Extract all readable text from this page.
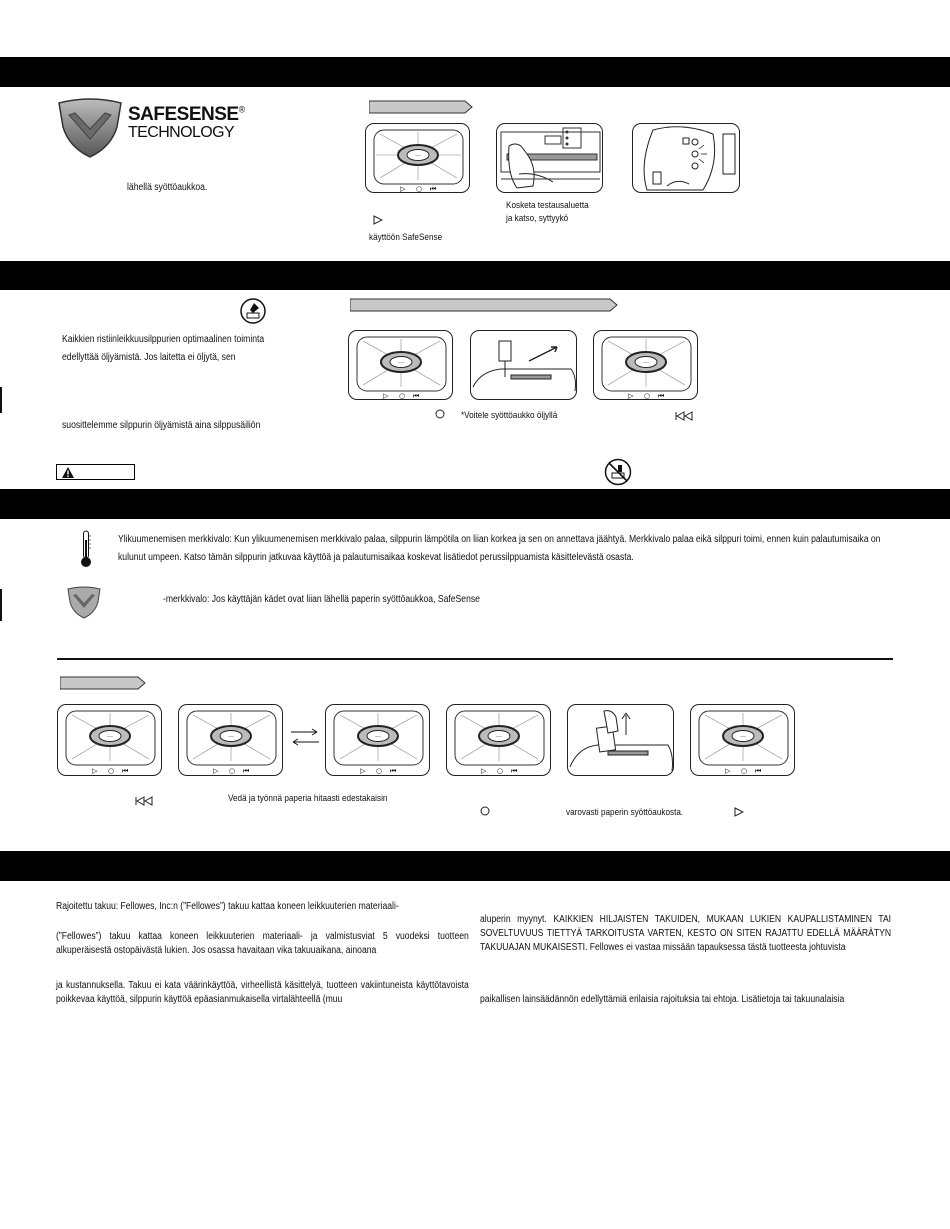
SAFESENSE®
TECHNOLOGY
lähellä syöttöaukkoa.
···
▷ ○ ⏮
Kosketa testausaluetta
ja katso, syttyykö
käyttöön SafeSense
Kaikkien ristiinleikkuusilppurien optimaalinen toiminta
edellyttää öljyämistä. Jos laitetta ei öljytä, sen
suosittelemme silppurin öljyämistä aina silppusäiliön
···
▷ ○ ⏮
···
▷ ○ ⏮
*Voitele syöttöaukko öljyllä
Ylikuumenemisen merkkivalo: Kun ylikuumenemisen merkkivalo palaa, silppurin lämpötila on liian korkea ja sen on annettava jäähtyä. Merkkivalo palaa eikä silppuri toimi, ennen kuin palautumisaika on kulunut umpeen. Katso tämän silppurin jatkuvaa käyttöä ja palautumisaikaa koskevat lisätiedot perussilppuamista käsittelevästä osasta.
-merkkivalo: Jos käyttäjän kädet ovat liian lähellä paperin syöttöaukkoa, SafeSense
···
▷ ○ ⏮
···
▷ ○ ⏮
···
▷ ○ ⏮
···
▷ ○ ⏮
···
▷ ○ ⏮
Vedä ja työnnä paperia hitaasti edestakaisin
varovasti paperin syöttöaukosta.
Rajoitettu takuu: Fellowes, Inc:n (”Fellowes”) takuu kattaa koneen leikkuuterien materiaali-
(”Fellowes”) takuu kattaa koneen leikkuuterien materiaali- ja valmistusviat 5 vuodeksi tuotteen alkuperäisestä ostopäivästä lukien. Jos osassa havaitaan vika takuuaikana, ainoana
ja kustannuksella. Takuu ei kata väärinkäyttöä, virheellistä käsittelyä, tuotteen vakiintuneista käyttötavoista poikkevaa käyttöä, silppurin käyttöä epäasianmukaisella virtalähteellä (muu
aluperin myynyt. KAIKKIEN HILJAISTEN TAKUIDEN, MUKAAN LUKIEN KAUPALLISTAMINEN TAI SOVELTUVUUS TIETTYÄ TARKOITUSTA VARTEN, KESTO ON SITEN RAJATTU EDELLÄ MÄÄRÄTYN TAKUUAJAN MUKAISESTI. Fellowes ei vastaa missään tapauksessa tästä tuotteesta johtuvista
paikallisen lainsäädännön edellyttämiä erilaisia rajoituksia tai ehtoja. Lisätietoja tai takuunalaisia
